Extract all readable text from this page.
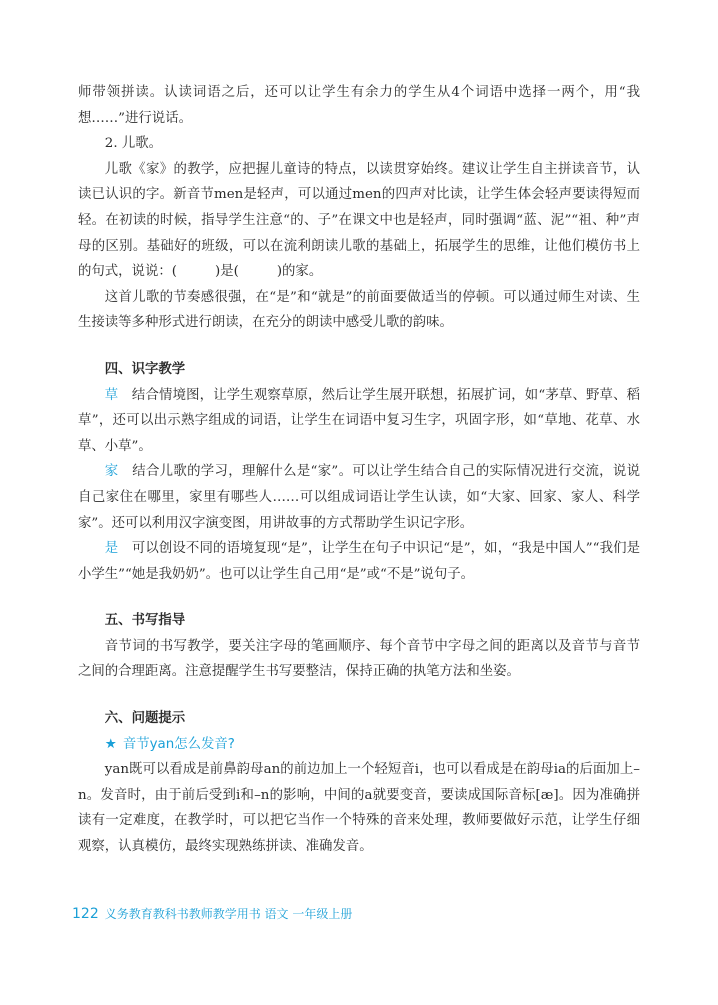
师带领拼读。认读词语之后，还可以让学生有余力的学生从4个词语中选择一两个，用“我想……”进行说话。

2. 儿歌。

儿歌《家》的教学，应把握儿童诗的特点，以读贯穿始终。建议让学生自主拼读音节，认读已认识的字。新音节men是轻声，可以通过men的四声对比读，让学生体会轻声要读得短而轻。在初读的时候，指导学生注意“的、子”在课文中也是轻声，同时强调“蓝、泥”“祖、种”声母的区别。基础好的班级，可以在流利朗读儿歌的基础上，拓展学生的思维，让他们模仿书上的句式，说说：(	)是(	)的家。

这首儿歌的节奏感很强，在“是”和“就是”的前面要做适当的停顿。可以通过师生对读、生生接读等多种形式进行朗读，在充分的朗读中感受儿歌的韵味。

四、识字教学

草　 结合情境图，让学生观察草原，然后让学生展开联想，拓展扩词，如“茅草、野草、稻草”，还可以出示熟字组成的词语，让学生在词语中复习生字，巩固字形，如“草地、花草、水草、小草”。

家　 结合儿歌的学习，理解什么是“家”。可以让学生结合自己的实际情况进行交流，说说自己家住在哪里，家里有哪些人……可以组成词语让学生认读，如“大家、回家、家人、科学家”。还可以利用汉字演变图，用讲故事的方式帮助学生识记字形。

是　 可以创设不同的语境复现“是”，让学生在句子中识记“是”，如，“我是中国人”“我们是小学生”“她是我奶奶”。也可以让学生自己用“是”或“不是”说句子。

五、书写指导

音节词的书写教学，要关注字母的笔画顺序、每个音节中字母之间的距离以及音节与音节之间的合理距离。注意提醒学生书写要整洁，保持正确的执笔方法和坐姿。

六、问题提示

★ 音节yan怎么发音?

yan既可以看成是前鼻韵母an的前边加上一个轻短音i，也可以看成是在韵母ia的后面加上–n。发音时，由于前后受到i和–n的影响，中间的a就要变音，要读成国际音标[æ]。因为准确拼读有一定难度，在教学时，可以把它当作一个特殊的音来处理，教师要做好示范，让学生仔细观察，认真模仿，最终实现熟练拼读、准确发音。

122 义务教育教科书教师教学用书 语文 一年级上册
